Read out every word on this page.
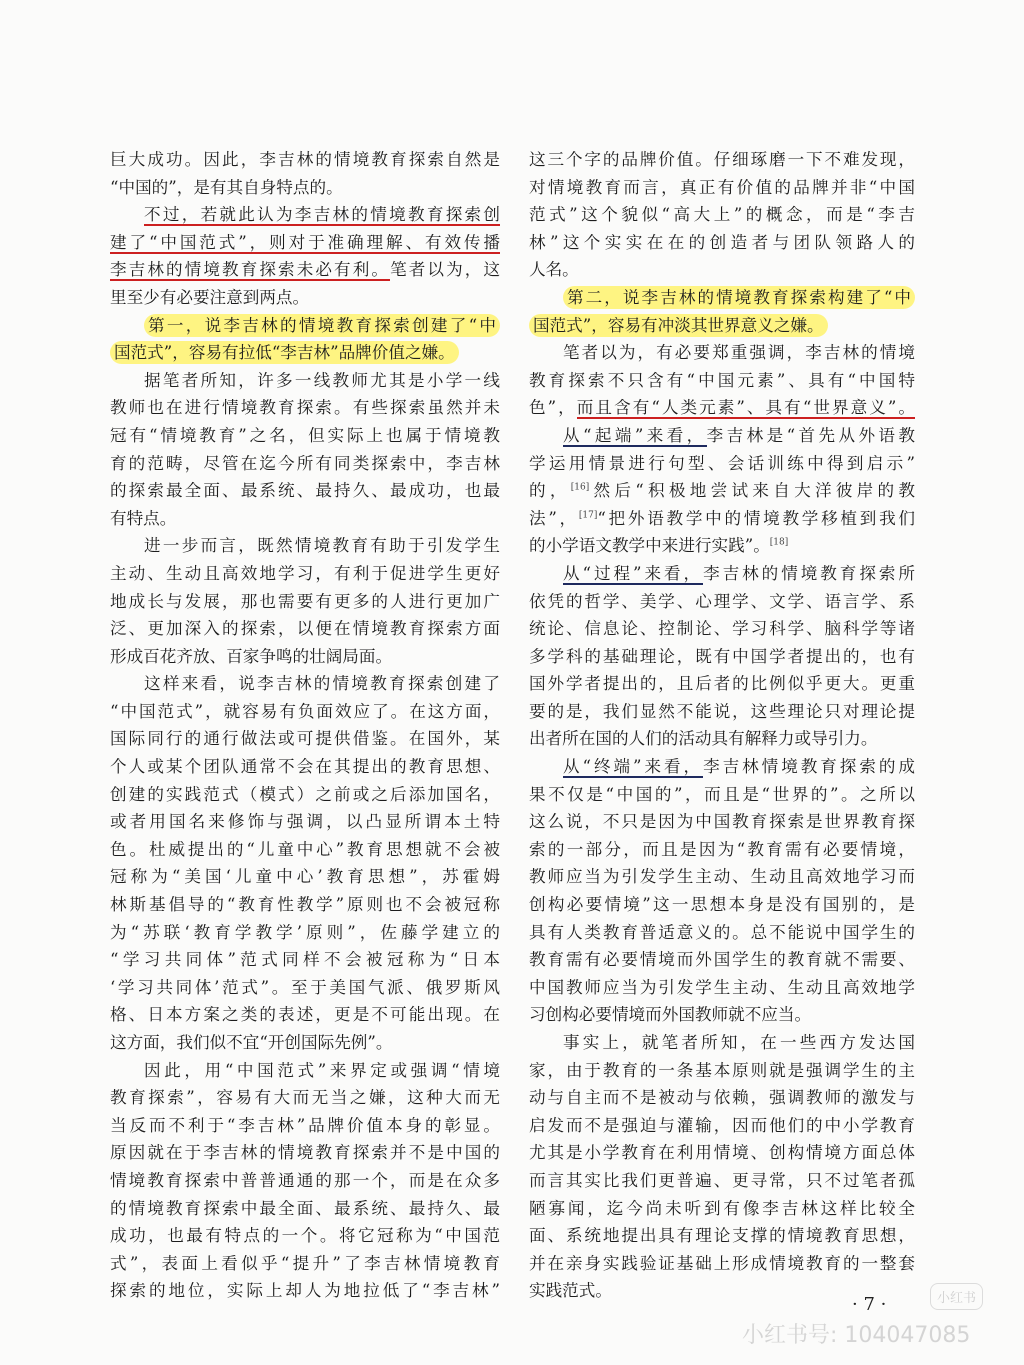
巨大成功。因此，李吉林的情境教育探索自然是
“中国的”，是有其自身特点的。
不过，若就此认为李吉林的情境教育探索创
建了“中国范式”，则对于准确理解、有效传播
李吉林的情境教育探索未必有利。笔者以为，这
里至少有必要注意到两点。
第一，说李吉林的情境教育探索创建了“中
国范式”，容易有拉低“李吉林”品牌价值之嫌。
据笔者所知，许多一线教师尤其是小学一线
教师也在进行情境教育探索。有些探索虽然并未
冠有“情境教育”之名，但实际上也属于情境教
育的范畴，尽管在迄今所有同类探索中，李吉林
的探索最全面、最系统、最持久、最成功，也最
有特点。
进一步而言，既然情境教育有助于引发学生
主动、生动且高效地学习，有利于促进学生更好
地成长与发展，那也需要有更多的人进行更加广
泛、更加深入的探索，以便在情境教育探索方面
形成百花齐放、百家争鸣的壮阔局面。
这样来看，说李吉林的情境教育探索创建了
“中国范式”，就容易有负面效应了。在这方面，
国际同行的通行做法或可提供借鉴。在国外，某
个人或某个团队通常不会在其提出的教育思想、
创建的实践范式（模式）之前或之后添加国名，
或者用国名来修饰与强调，以凸显所谓本土特
色。杜威提出的“儿童中心”教育思想就不会被
冠称为“美国‘儿童中心’教育思想”，苏霍姆
林斯基倡导的“教育性教学”原则也不会被冠称
为“苏联‘教育学教学’原则”，佐藤学建立的
“学习共同体”范式同样不会被冠称为“日本
‘学习共同体’范式”。至于美国气派、俄罗斯风
格、日本方案之类的表述，更是不可能出现。在
这方面，我们似不宜“开创国际先例”。
因此，用“中国范式”来界定或强调“情境
教育探索”，容易有大而无当之嫌，这种大而无
当反而不利于“李吉林”品牌价值本身的彰显。
原因就在于李吉林的情境教育探索并不是中国的
情境教育探索中普普通通的那一个，而是在众多
的情境教育探索中最全面、最系统、最持久、最
成功，也最有特点的一个。将它冠称为“中国范
式”，表面上看似乎“提升”了李吉林情境教育
探索的地位，实际上却人为地拉低了“李吉林”
这三个字的品牌价值。仔细琢磨一下不难发现，
对情境教育而言，真正有价值的品牌并非“中国
范式”这个貌似“高大上”的概念，而是“李吉
林”这个实实在在的创造者与团队领路人的
人名。
第二，说李吉林的情境教育探索构建了“中
国范式”，容易有冲淡其世界意义之嫌。
笔者以为，有必要郑重强调，李吉林的情境
教育探索不只含有“中国元素”、具有“中国特
色”，而且含有“人类元素”、具有“世界意义”。
从“起端”来看，李吉林是“首先从外语教
学运用情景进行句型、会话训练中得到启示”
的，[16]然后“积极地尝试来自大洋彼岸的教
法”，[17]“把外语教学中的情境教学移植到我们
的小学语文教学中来进行实践”。[18]
从“过程”来看，李吉林的情境教育探索所
依凭的哲学、美学、心理学、文学、语言学、系
统论、信息论、控制论、学习科学、脑科学等诸
多学科的基础理论，既有中国学者提出的，也有
国外学者提出的，且后者的比例似乎更大。更重
要的是，我们显然不能说，这些理论只对理论提
出者所在国的人们的活动具有解释力或导引力。
从“终端”来看，李吉林情境教育探索的成
果不仅是“中国的”，而且是“世界的”。之所以
这么说，不只是因为中国教育探索是世界教育探
索的一部分，而且是因为“教育需有必要情境，
教师应当为引发学生主动、生动且高效地学习而
创构必要情境”这一思想本身是没有国别的，是
具有人类教育普适意义的。总不能说中国学生的
教育需有必要情境而外国学生的教育就不需要、
中国教师应当为引发学生主动、生动且高效地学
习创构必要情境而外国教师就不应当。
事实上，就笔者所知，在一些西方发达国
家，由于教育的一条基本原则就是强调学生的主
动与自主而不是被动与依赖，强调教师的激发与
启发而不是强迫与灌输，因而他们的中小学教育
尤其是小学教育在利用情境、创构情境方面总体
而言其实比我们更普遍、更寻常，只不过笔者孤
陋寡闻，迄今尚未听到有像李吉林这样比较全
面、系统地提出具有理论支撑的情境教育思想，
并在亲身实践验证基础上形成情境教育的一整套
实践范式。
· 7 ·	小红书
小红书号: 104047085
